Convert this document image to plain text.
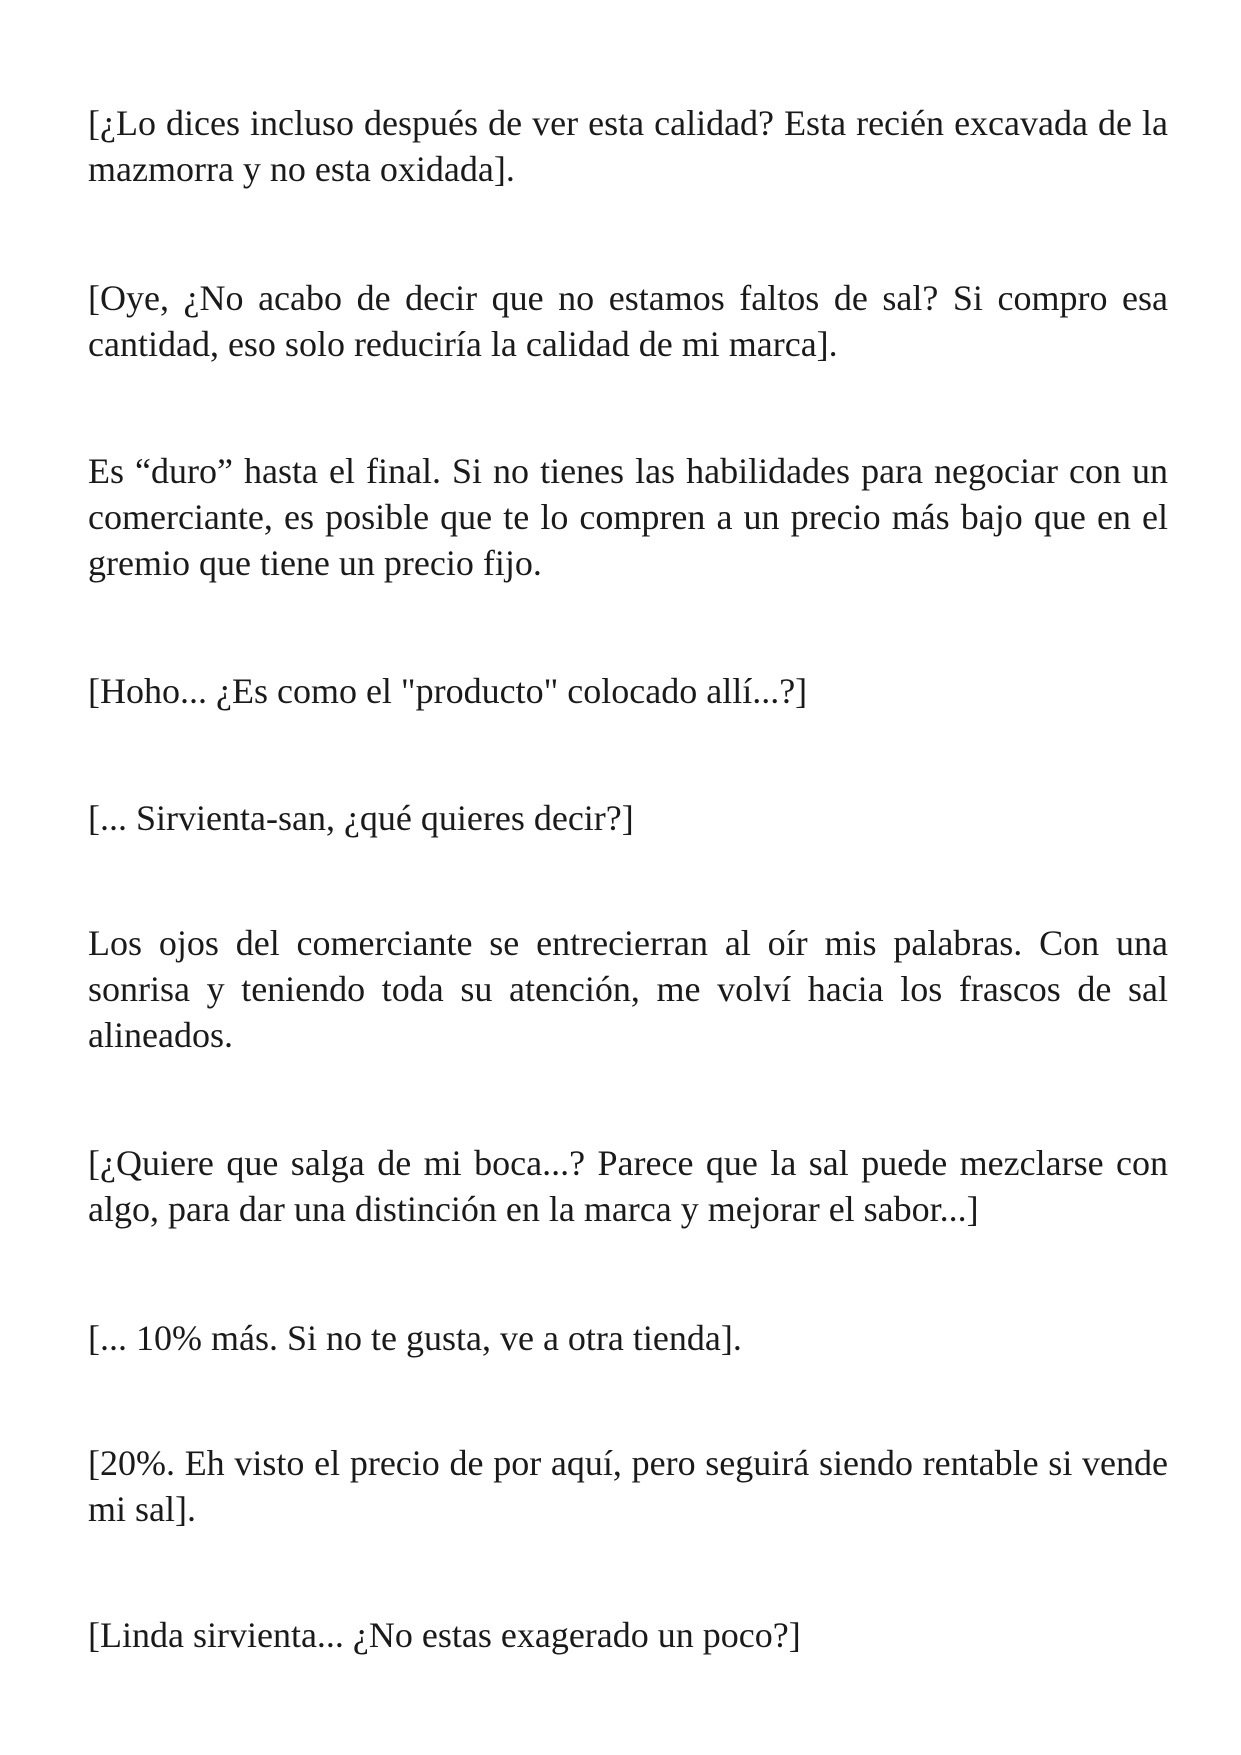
[¿Lo dices incluso después de ver esta calidad? Esta recién excavada de la mazmorra y no esta oxidada].

[Oye, ¿No acabo de decir que no estamos faltos de sal? Si compro esa cantidad, eso solo reduciría la calidad de mi marca].

Es “duro” hasta el final. Si no tienes las habilidades para negociar con un comerciante, es posible que te lo compren a un precio más bajo que en el gremio que tiene un precio fijo.

[Hoho... ¿Es como el "producto" colocado allí...?]

[... Sirvienta-san, ¿qué quieres decir?]

Los ojos del comerciante se entrecierran al oír mis palabras. Con una sonrisa y teniendo toda su atención, me volví hacia los frascos de sal alineados.

[¿Quiere que salga de mi boca...? Parece que la sal puede mezclarse con algo, para dar una distinción en la marca y mejorar el sabor...]

[... 10% más. Si no te gusta, ve a otra tienda].

[20%. Eh visto el precio de por aquí, pero seguirá siendo rentable si vende mi sal].

[Linda sirvienta... ¿No estas exagerado un poco?]
